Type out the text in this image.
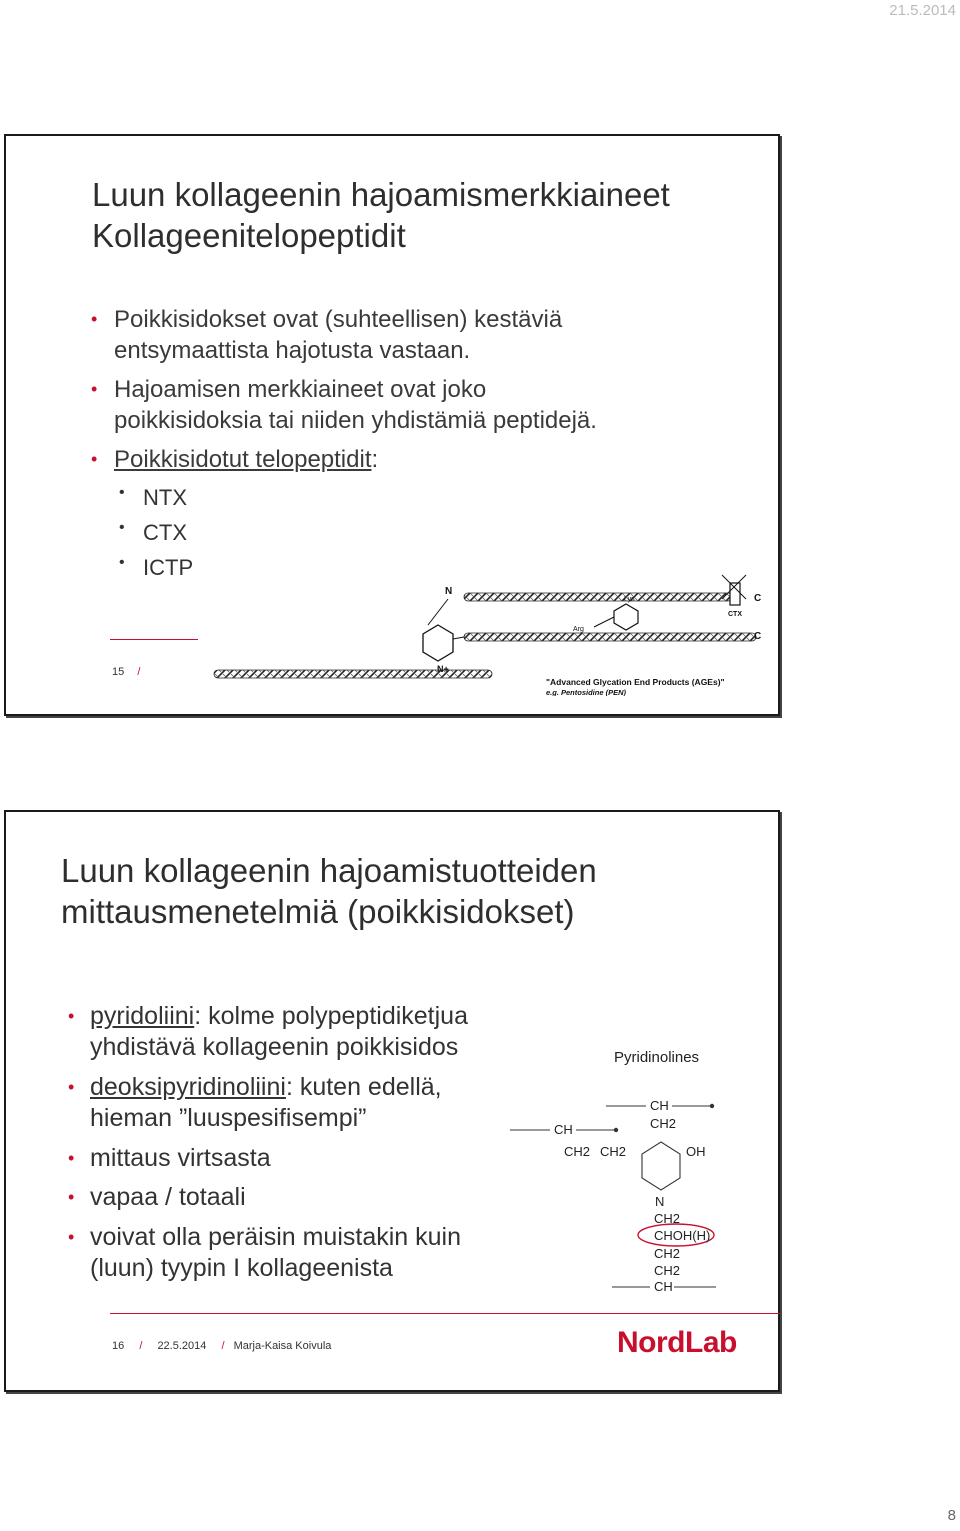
21.5.2014
Luun kollageenin hajoamismerkkiaineet
Kollageenitelopeptidit
• Poikkisidokset ovat (suhteellisen) kestäviä
entsymaattista hajotusta vastaan.
• Hajoamisen merkkiaineet ovat joko
poikkisidoksia tai niiden yhdistämiä peptidejä.
• Poikkisidotut telopeptidit:
• NTX
• CTX
• ICTP
15 /
N
N+
Lys
Arg
CTX
C
C
"Advanced Glycation End Products (AGEs)"
e.g. Pentosidine (PEN)
Luun kollageenin hajoamistuotteiden
mittausmenetelmiä (poikkisidokset)
• pyridoliini: kolme polypeptidiketjua
yhdistävä kollageenin poikkisidos
• deoksipyridinoliini: kuten edellä,
hieman ”luuspesifisempi”
• mittaus virtsasta
• vapaa / totaali
• voivat olla peräisin muistakin kuin
(luun) tyypin I kollageenista
Pyridinolines
CH
CH2
CH
CH2 CH2	OH
N
CH2
CHOH(H)
CH2
CH2
CH
16 / 22.5.2014 / Marja-Kaisa Koivula	NordLab
8
